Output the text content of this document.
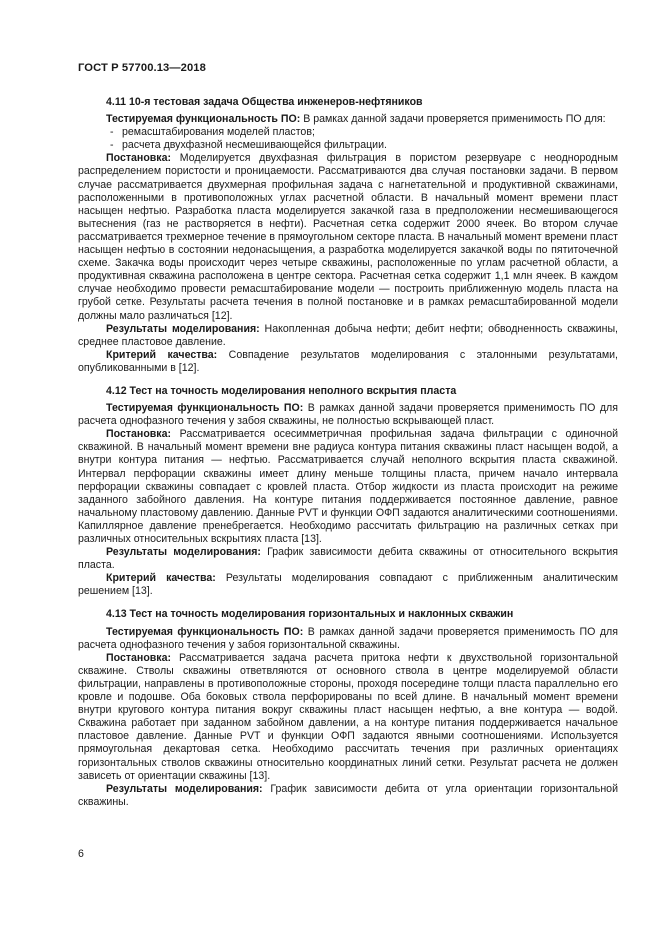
ГОСТ Р 57700.13—2018
4.11 10-я тестовая задача Общества инженеров-нефтяников

Тестируемая функциональность ПО: В рамках данной задачи проверяется применимость ПО для:

- ремасштабирования моделей пластов;

- расчета двухфазной несмешивающейся фильтрации.

Постановка: Моделируется двухфазная фильтрация в пористом резервуаре с неоднородным распределением пористости и проницаемости. Рассматриваются два случая постановки задачи. В первом случае рассматривается двухмерная профильная задача с нагнетательной и продуктивной скважинами, расположенными в противоположных углах расчетной области. В начальный момент времени пласт насыщен нефтью. Разработка пласта моделируется закачкой газа в предположении несмешивающегося вытеснения (газ не растворяется в нефти). Расчетная сетка содержит 2000 ячеек. Во втором случае рассматривается трехмерное течение в прямоугольном секторе пласта. В начальный момент времени пласт насыщен нефтью в состоянии недонасыщения, а разработка моделируется закачкой воды по пятиточечной схеме. Закачка воды происходит через четыре скважины, расположенные по углам расчетной области, а продуктивная скважина расположена в центре сектора. Расчетная сетка содержит 1,1 млн ячеек. В каждом случае необходимо провести ремасштабирование модели — построить приближенную модель пласта на грубой сетке. Результаты расчета течения в полной постановке и в рамках ремасштабированной модели должны мало различаться [12].

Результаты моделирования: Накопленная добыча нефти; дебит нефти; обводненность скважины, среднее пластовое давление.

Критерий качества: Совпадение результатов моделирования с эталонными результатами, опубликованными в [12].

4.12 Тест на точность моделирования неполного вскрытия пласта

Тестируемая функциональность ПО: В рамках данной задачи проверяется применимость ПО для расчета однофазного течения у забоя скважины, не полностью вскрывающей пласт.

Постановка: Рассматривается осесимметричная профильная задача фильтрации с одиночной скважиной. В начальный момент времени вне радиуса контура питания скважины пласт насыщен водой, а внутри контура питания — нефтью. Рассматривается случай неполного вскрытия пласта скважиной. Интервал перфорации скважины имеет длину меньше толщины пласта, причем начало интервала перфорации скважины совпадает с кровлей пласта. Отбор жидкости из пласта происходит на режиме заданного забойного давления. На контуре питания поддерживается постоянное давление, равное начальному пластовому давлению. Данные PVT и функции ОФП задаются аналитическими соотношениями. Капиллярное давление пренебрегается. Необходимо рассчитать фильтрацию на различных сетках при различных относительных вскрытиях пласта [13].

Результаты моделирования: График зависимости дебита скважины от относительного вскрытия пласта.

Критерий качества: Результаты моделирования совпадают с приближенным аналитическим решением [13].

4.13 Тест на точность моделирования горизонтальных и наклонных скважин

Тестируемая функциональность ПО: В рамках данной задачи проверяется применимость ПО для расчета однофазного течения у забоя горизонтальной скважины.

Постановка: Рассматривается задача расчета притока нефти к двухствольной горизонтальной скважине. Стволы скважины ответвляются от основного ствола в центре моделируемой области фильтрации, направлены в противоположные стороны, проходя посередине толщи пласта параллельно его кровле и подошве. Оба боковых ствола перфорированы по всей длине. В начальный момент времени внутри кругового контура питания вокруг скважины пласт насыщен нефтью, а вне контура — водой. Скважина работает при заданном забойном давлении, а на контуре питания поддерживается начальное пластовое давление. Данные PVT и функции ОФП задаются явными соотношениями. Используется прямоугольная декартовая сетка. Необходимо рассчитать течения при различных ориентациях горизонтальных стволов скважины относительно координатных линий сетки. Результат расчета не должен зависеть от ориентации скважины [13].

Результаты моделирования: График зависимости дебита от угла ориентации горизонтальной скважины.

6
